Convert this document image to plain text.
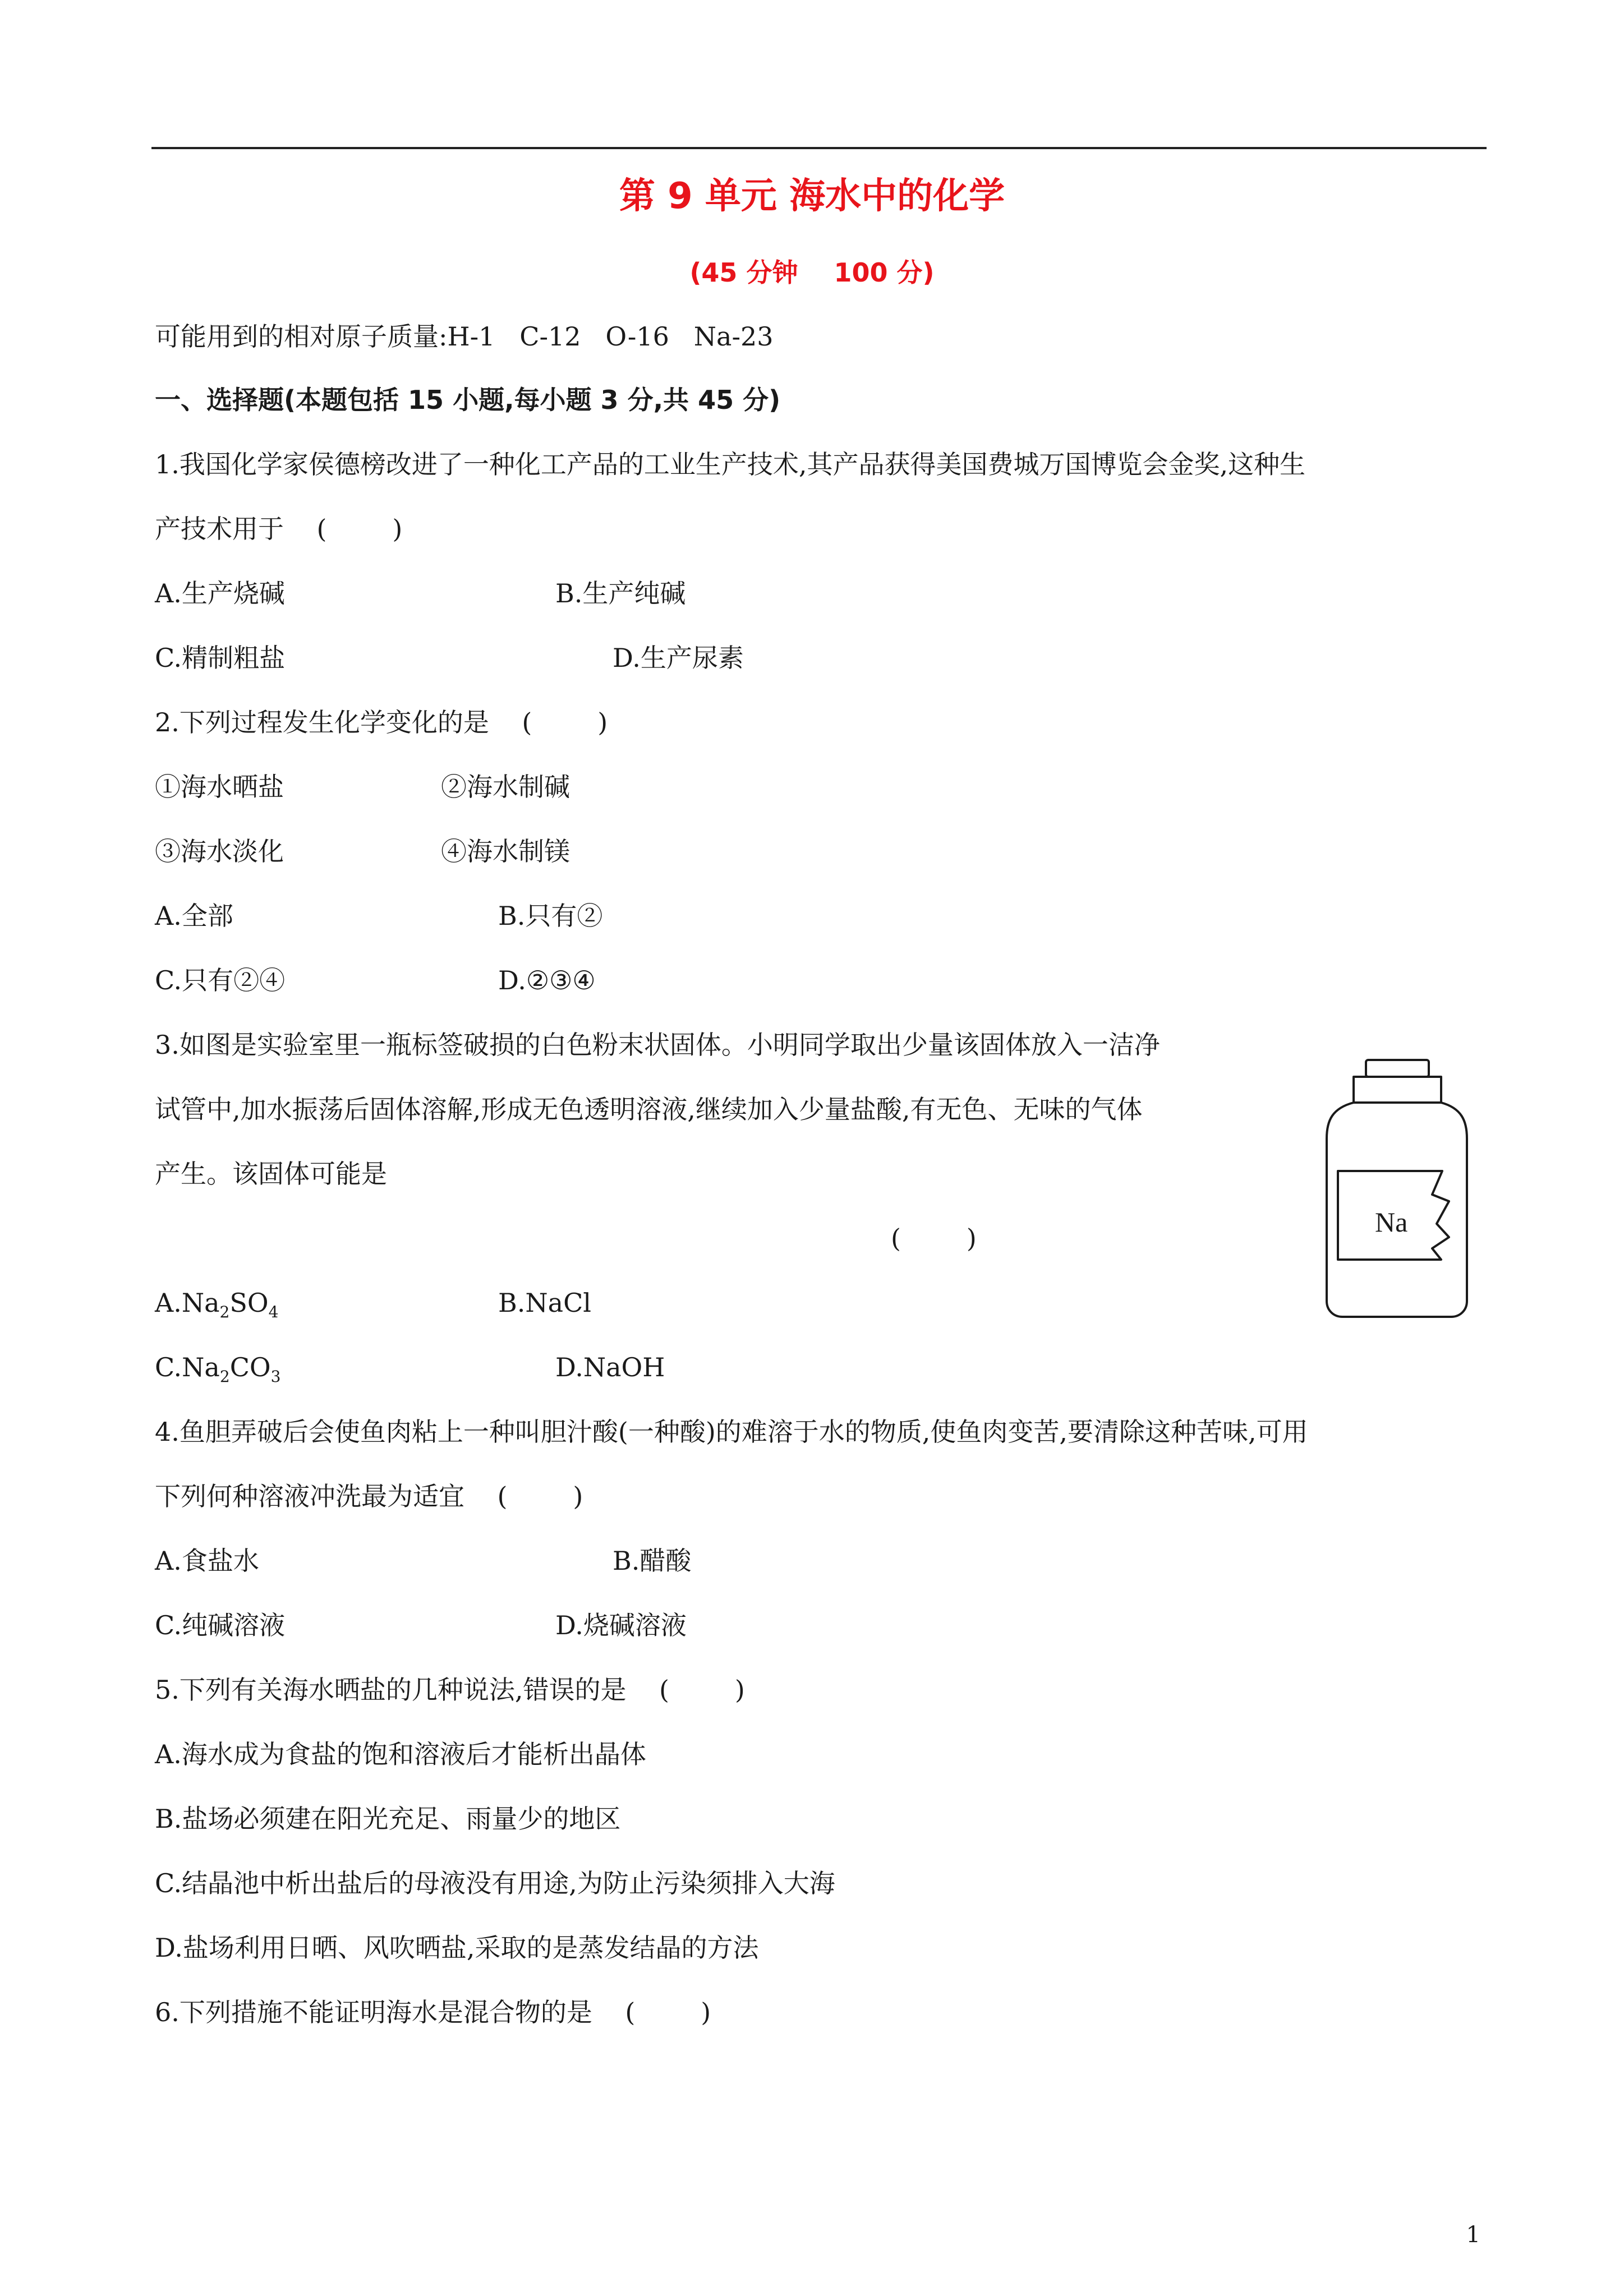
第 9 单元 海水中的化学
(45 分钟    100 分)
可能用到的相对原子质量:H-1   C-12   O-16   Na-23
一、选择题(本题包括 15 小题,每小题 3 分,共 45 分)
1.我国化学家侯德榜改进了一种化工产品的工业生产技术,其产品获得美国费城万国博览会金奖,这种生
产技术用于    (        )
A.生产烧碱	B.生产纯碱
C.精制粗盐	D.生产尿素
2.下列过程发生化学变化的是    (        )
①海水晒盐	②海水制碱
③海水淡化	④海水制镁
A.全部	B.只有②
C.只有②④	D.②③④
3.如图是实验室里一瓶标签破损的白色粉末状固体。小明同学取出少量该固体放入一洁净
试管中,加水振荡后固体溶解,形成无色透明溶液,继续加入少量盐酸,有无色、无味的气体
产生。该固体可能是
(        )
$A.Na_2SO_4$	B.NaCl
$C.Na_2CO_3$	D.NaOH
Na
4.鱼胆弄破后会使鱼肉粘上一种叫胆汁酸(一种酸)的难溶于水的物质,使鱼肉变苦,要清除这种苦味,可用
下列何种溶液冲洗最为适宜    (        )
A.食盐水	B.醋酸
C.纯碱溶液	D.烧碱溶液
5.下列有关海水晒盐的几种说法,错误的是    (        )
A.海水成为食盐的饱和溶液后才能析出晶体
B.盐场必须建在阳光充足、雨量少的地区
C.结晶池中析出盐后的母液没有用途,为防止污染须排入大海
D.盐场利用日晒、风吹晒盐,采取的是蒸发结晶的方法
6.下列措施不能证明海水是混合物的是    (        )
1
